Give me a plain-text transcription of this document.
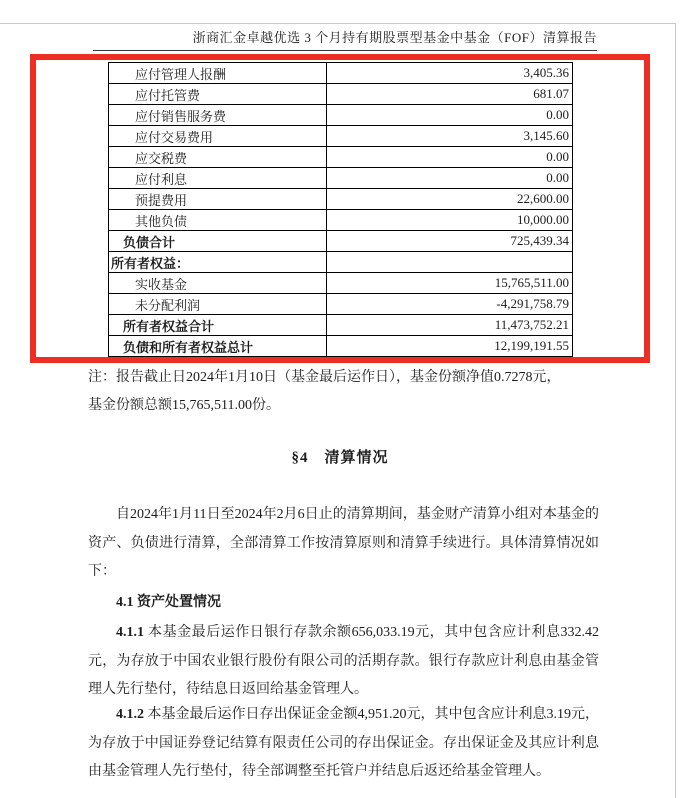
浙商汇金卓越优选 3 个月持有期股票型基金中基金（FOF）清算报告
应付管理人报酬	3,405.36
应付托管费	681.07
应付销售服务费	0.00
应付交易费用	3,145.60
应交税费	0.00
应付利息	0.00
预提费用	22,600.00
其他负债	10,000.00
负债合计	725,439.34
所有者权益：	
实收基金	15,765,511.00
未分配利润	-4,291,758.79
所有者权益合计	11,473,752.21
负债和所有者权益总计	12,199,191.55
注：报告截止日2024年1月10日（基金最后运作日），基金份额净值0.7278元，
基金份额总额15,765,511.00份。
§4　清算情况
自2024年1月11日至2024年2月6日止的清算期间，基金财产清算小组对本基金的资产、负债进行清算，全部清算工作按清算原则和清算手续进行。具体清算情况如下：
4.1 资产处置情况
4.1.1 本基金最后运作日银行存款余额656,033.19元，其中包含应计利息332.42元，为存放于中国农业银行股份有限公司的活期存款。银行存款应计利息由基金管理人先行垫付，待结息日返回给基金管理人。
4.1.2 本基金最后运作日存出保证金金额4,951.20元，其中包含应计利息3.19元，为存放于中国证券登记结算有限责任公司的存出保证金。存出保证金及其应计利息由基金管理人先行垫付，待全部调整至托管户并结息后返还给基金管理人。
